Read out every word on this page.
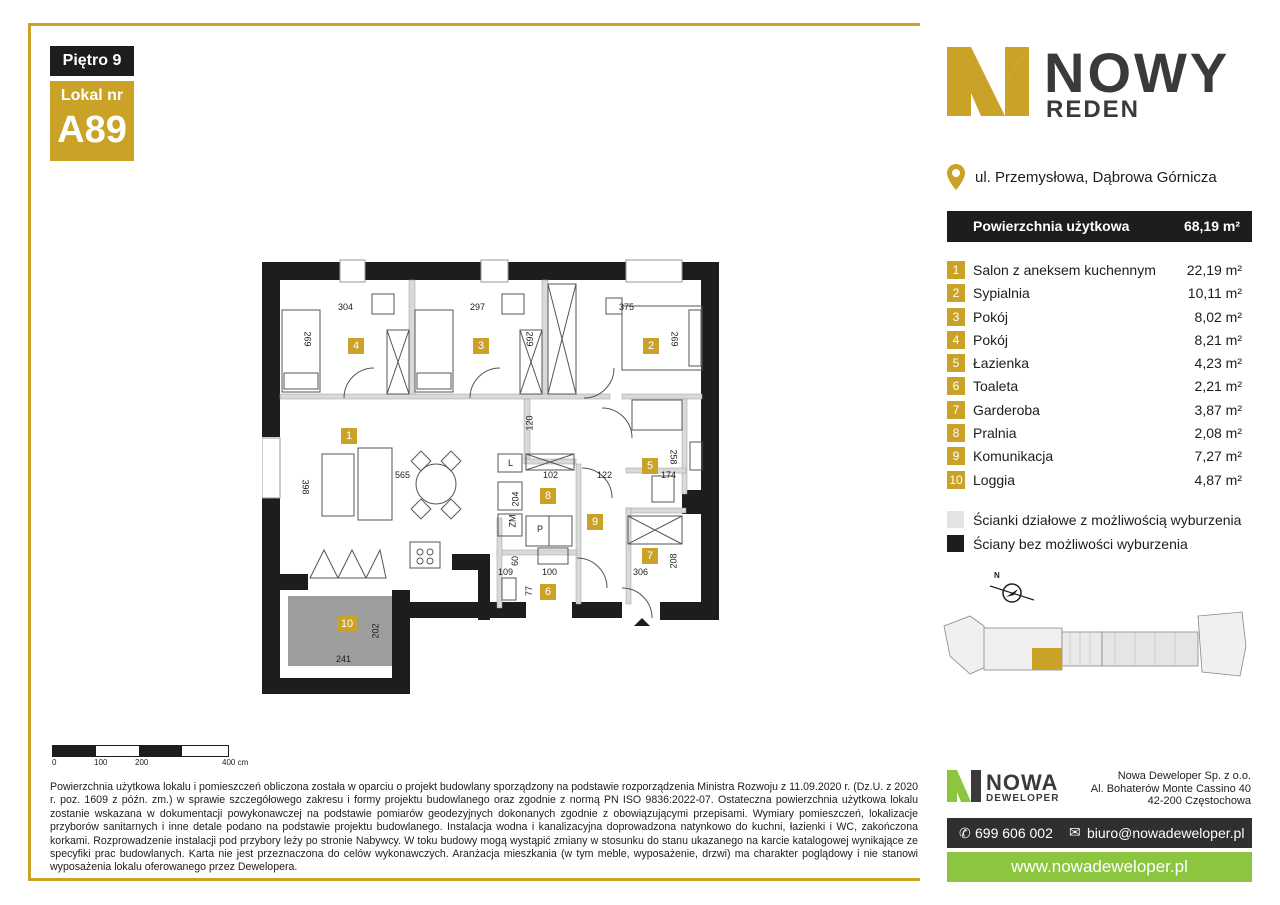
Piętro 9
Lokal nr
A89
4	3	2
1
5
8
9
7
6
10
304	297	375
269	269	269
120
398
565	102
204
122	174
258
109	100
60
77
306
208
202
241
L
ZM
P
0	100	200	400 cm
Powierzchnia użytkowa lokalu i pomieszczeń obliczona została w oparciu o projekt budowlany sporządzony na podstawie rozporządzenia Ministra Rozwoju z 11.09.2020 r. (Dz.U. z 2020 r. poz. 1609 z późn. zm.) w sprawie szczegółowego zakresu i formy projektu budowlanego oraz zgodnie z normą PN ISO 9836:2022-07. Ostateczna powierzchnia użytkowa lokalu zostanie wskazana w dokumentacji powykonawczej na podstawie pomiarów geodezyjnych dokonanych zgodnie z obowiązującymi przepisami. Wymiary pomieszczeń, lokalizacje przyborów sanitarnych i inne detale podano na podstawie projektu budowlanego. Instalacja wodna i kanalizacyjna doprowadzona natynkowo do kuchni, łazienki i WC, zakończona korkami. Rozprowadzenie instalacji pod przybory leży po stronie Nabywcy. W toku budowy mogą wystąpić zmiany w stosunku do stanu ukazanego na karcie katalogowej wynikające ze specyfiki prac budowlanych. Karta nie jest przeznaczona do celów wykonawczych. Aranżacja mieszkania (w tym meble, wyposażenie, drzwi) ma charakter poglądowy i nie stanowi wyposażenia lokalu oferowanego przez Dewelopera.
NOWY
REDEN
ul. Przemysłowa, Dąbrowa Górnicza
Powierzchnia użytkowa	68,19 m²
1 Salon z aneksem kuchennym 22,19 m²
2 Sypialnia	10,11 m²
3 Pokój	8,02 m²
4 Pokój	8,21 m²
5 Łazienka	4,23 m²
6 Toaleta	2,21 m²
7 Garderoba	3,87 m²
8 Pralnia	2,08 m²
9 Komunikacja	7,27 m²
10 Loggia	4,87 m²
Ścianki działowe z możliwością wyburzenia
Ściany bez możliwości wyburzenia
N
NOWA
DEWELOPER
Nowa Deweloper Sp. z o.o.
Al. Bohaterów Monte Cassino 40
42-200 Częstochowa
✆ 699 606 002 ✉ biuro@nowadeweloper.pl
www.nowadeweloper.pl
